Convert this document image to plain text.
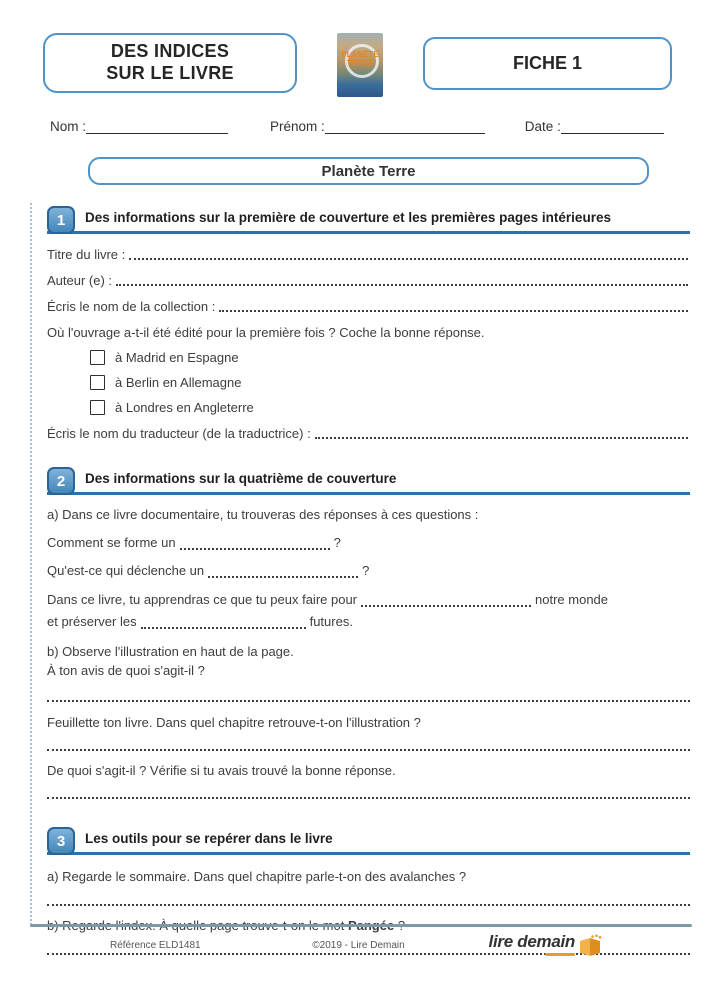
DES INDICES
SUR LE LIVRE
PLANÈTE
TERRE	FICHE 1
Nom :	Prénom :	Date :
Planète Terre
1	Des informations sur la première de couverture et les premières pages intérieures
Titre du livre :
Auteur (e) :
Écris le nom de la collection :
Où l'ouvrage a-t-il été édité pour la première fois ? Coche la bonne réponse.
à Madrid en Espagne
à Berlin en Allemagne
à Londres en Angleterre
Écris le nom du traducteur (de la traductrice) :
2	Des informations sur la quatrième de couverture
a) Dans ce livre documentaire, tu trouveras des réponses à ces questions :
Comment se forme un	?
Qu'est-ce qui déclenche un	?
Dans ce livre, tu apprendras ce que tu peux faire pour	notre monde
et préserver les	futures.
b) Observe l'illustration en haut de la page.
À ton avis de quoi s'agit-il ?
Feuillette ton livre. Dans quel chapitre retrouve-t-on l'illustration ?
De quoi s'agit-il ? Vérifie si tu avais trouvé la bonne réponse.
3	Les outils pour se repérer dans le livre
a) Regarde le sommaire. Dans quel chapitre parle-t-on des avalanches ?

Référence ELD1481	©2019 - Lire Demain	lire demain
